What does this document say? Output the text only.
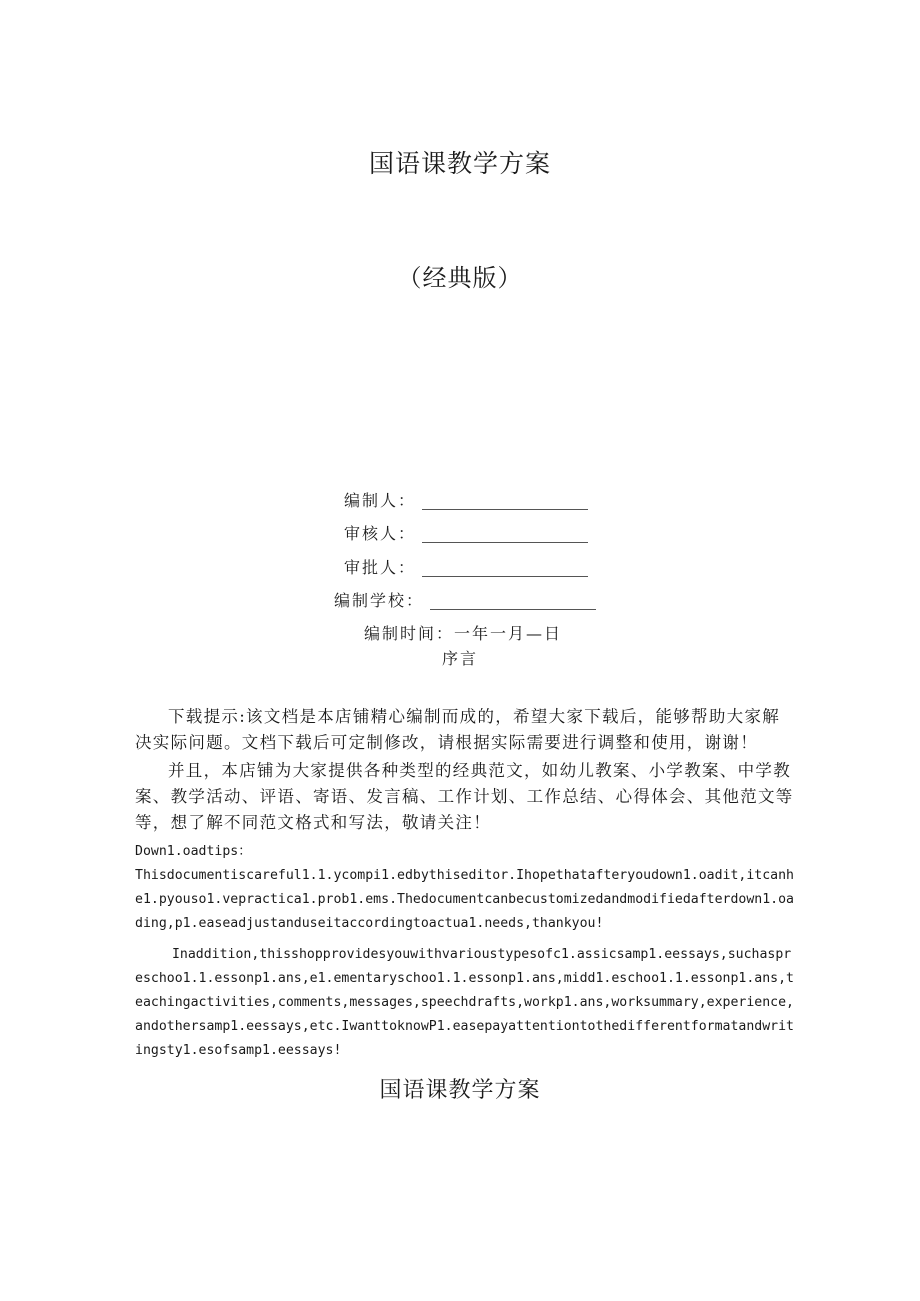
国语课教学方案
（经典版）
编制人：
审核人：
审批人：
编制学校：
编制时间：一年一月—日
序言

下载提示:该文档是本店铺精心编制而成的，希望大家下载后，能够帮助大家解决实际问题。文档下载后可定制修改，请根据实际需要进行调整和使用，谢谢！

并且，本店铺为大家提供各种类型的经典范文，如幼儿教案、小学教案、中学教案、教学活动、评语、寄语、发言稿、工作计划、工作总结、心得体会、其他范文等等，想了解不同范文格式和写法，敬请关注！

Down1.oadtips：

Thisdocumentiscareful1.1.ycompi1.edbythiseditor.Ihopethatafteryoudown1.oadit,itcanhe1.pyouso1.vepractica1.prob1.ems.Thedocumentcanbecustomizedandmodifiedafterdown1.oading,p1.easeadjustanduseitaccordingtoactua1.needs,thankyou!

Inaddition,thisshopprovidesyouwithvarioustypesofc1.assicsamp1.eessays,suchaspreschoo1.1.essonp1.ans,e1.ementaryschoo1.1.essonp1.ans,midd1.eschoo1.1.essonp1.ans,teachingactivities,comments,messages,speechdrafts,workp1.ans,worksummary,experience,andothersamp1.eessays,etc.IwanttoknowP1.easepayattentiontothedifferentformatandwritingsty1.esofsamp1.eessays!

国语课教学方案
